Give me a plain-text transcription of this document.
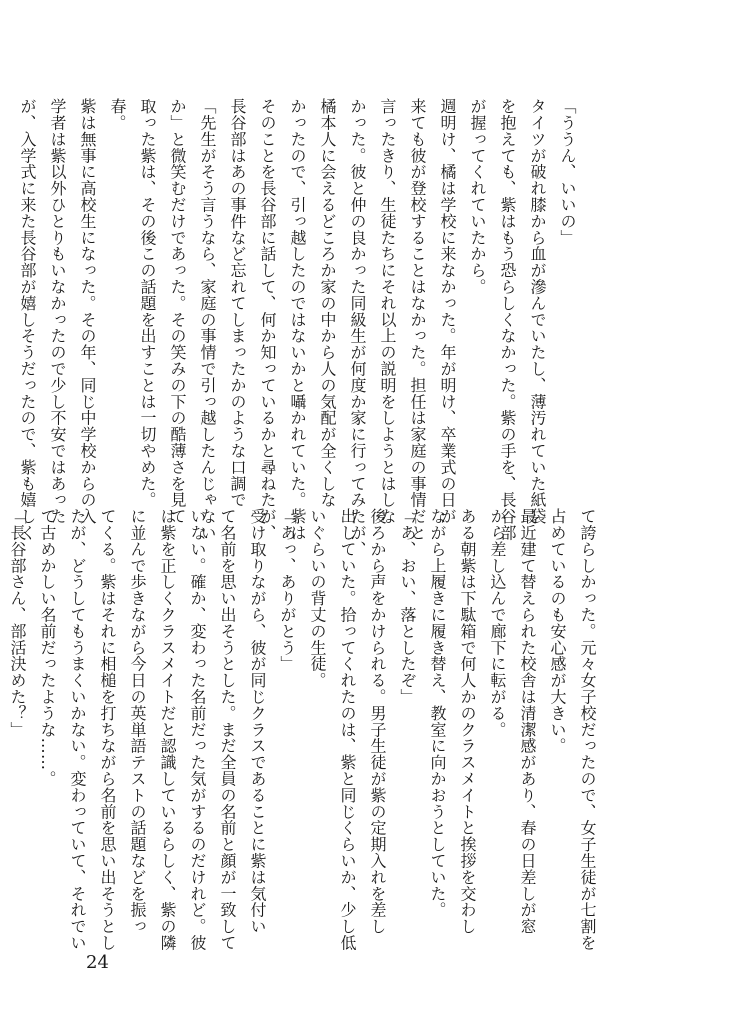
「ううん、いいの」

タイツが破れ膝から血が滲んでいたし、薄汚れていた紙袋

を抱えても、紫はもう恐らしくなかった。紫の手を、長谷部

が握ってくれていたから。

週明け、橘は学校に来なかった。年が明け、卒業式の日が

来ても彼が登校することはなかった。担任は家庭の事情だと

言ったきり、生徒たちにそれ以上の説明をしようとはしな

かった。彼と仲の良かった同級生が何度か家に行ってみたが、

橘本人に会えるどころか家の中から人の気配が全くしな

かったので、引っ越したのではないかと囁かれていた。紫は

そのことを長谷部に話して、何か知っているかと尋ねたが、

長谷部はあの事件など忘れてしまったかのような口調で

「先生がそう言うなら、家庭の事情で引っ越したんじゃない

か」と微笑むだけであった。その笑みの下の酷薄さを見て

取った紫は、その後この話題を出すことは一切やめた。

春。

紫は無事に高校生になった。その年、同じ中学校からの入

学者は紫以外ひとりもいなかったので少し不安ではあった

が、入学式に来た長谷部が嬉しそうだったので、紫も嬉しく

て誇らしかった。元々女子校だったので、女子生徒が七割を

占めているのも安心感が大きい。

最近建て替えられた校舎は清潔感があり、春の日差しが窓

から差し込んで廊下に転がる。

ある朝紫は下駄箱で何人かのクラスメイトと挨拶を交わし

ながら上履きに履き替え、教室に向かおうとしていた。

「あ、おい、落としたぞ」

後ろから声をかけられる。男子生徒が紫の定期入れを差し

出していた。拾ってくれたのは、紫と同じくらいか、少し低

いぐらいの背丈の生徒。

「あっ、ありがとう」

受け取りながら、彼が同じクラスであることに紫は気付い

て名前を思い出そうとした。まだ全員の名前と顔が一致して

いない。確か、変わった名前だった気がするのだけれど。彼

は紫を正しくクラスメイトだと認識しているらしく、紫の隣

に並んで歩きながら今日の英単語テストの話題などを振っ

てくる。紫はそれに相槌を打ちながら名前を思い出そうとし

たが、どうしてもうまくいかない。変わっていて、それでい

て古めかしい名前だったような……。

「長谷部さん、部活決めた？」

24
